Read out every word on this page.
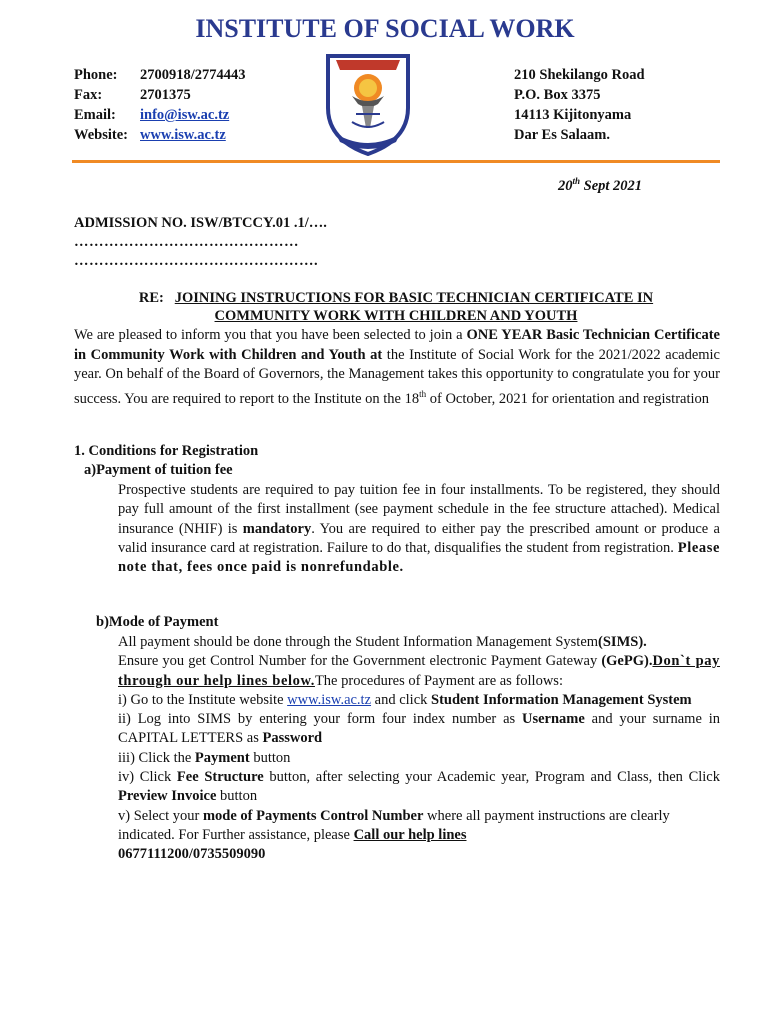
INSTITUTE OF SOCIAL WORK
Phone:	2700918/2774443
Fax:	2701375
Email:	info@isw.ac.tz
Website: www.isw.ac.tz
210 Shekilango Road
P.O. Box 3375
14113 Kijitonyama
Dar Es Salaam.
20th Sept 2021
ADMISSION NO. ISW/BTCCY.01 .1/….
………………………………………
………………………………………….
RE: JOINING INSTRUCTIONS FOR BASIC TECHNICIAN CERTIFICATE IN
COMMUNITY WORK WITH CHILDREN AND YOUTH
We are pleased to inform you that you have been selected to join a ONE YEAR Basic Technician Certificate in Community Work with Children and Youth at the Institute of Social Work for the 2021/2022 academic year. On behalf of the Board of Governors, the Management takes this opportunity to congratulate you for your success. You are required to report to the Institute on the 18th of October, 2021 for orientation and registration
1. Conditions for Registration
a)Payment of tuition fee
Prospective students are required to pay tuition fee in four installments. To be registered, they should pay full amount of the first installment (see payment schedule in the fee structure attached). Medical insurance (NHIF) is mandatory. You are required to either pay the prescribed amount or produce a valid insurance card at registration. Failure to do that, disqualifies the student from registration. Please note that, fees once paid is nonrefundable.
b)Mode of Payment
All payment should be done through the Student Information Management System(SIMS).
Ensure you get Control Number for the Government electronic Payment Gateway (GePG).Don`t pay through our help lines below.The procedures of Payment are as follows:
i) Go to the Institute website www.isw.ac.tz and click Student Information Management System
ii) Log into SIMS by entering your form four index number as Username and your surname in CAPITAL LETTERS as Password
iii) Click the Payment button
iv) Click Fee Structure button, after selecting your Academic year, Program and Class, then Click Preview Invoice button
v) Select your mode of Payments Control Number where all payment instructions are clearly indicated. For Further assistance, please Call our help lines
0677111200/0735509090
